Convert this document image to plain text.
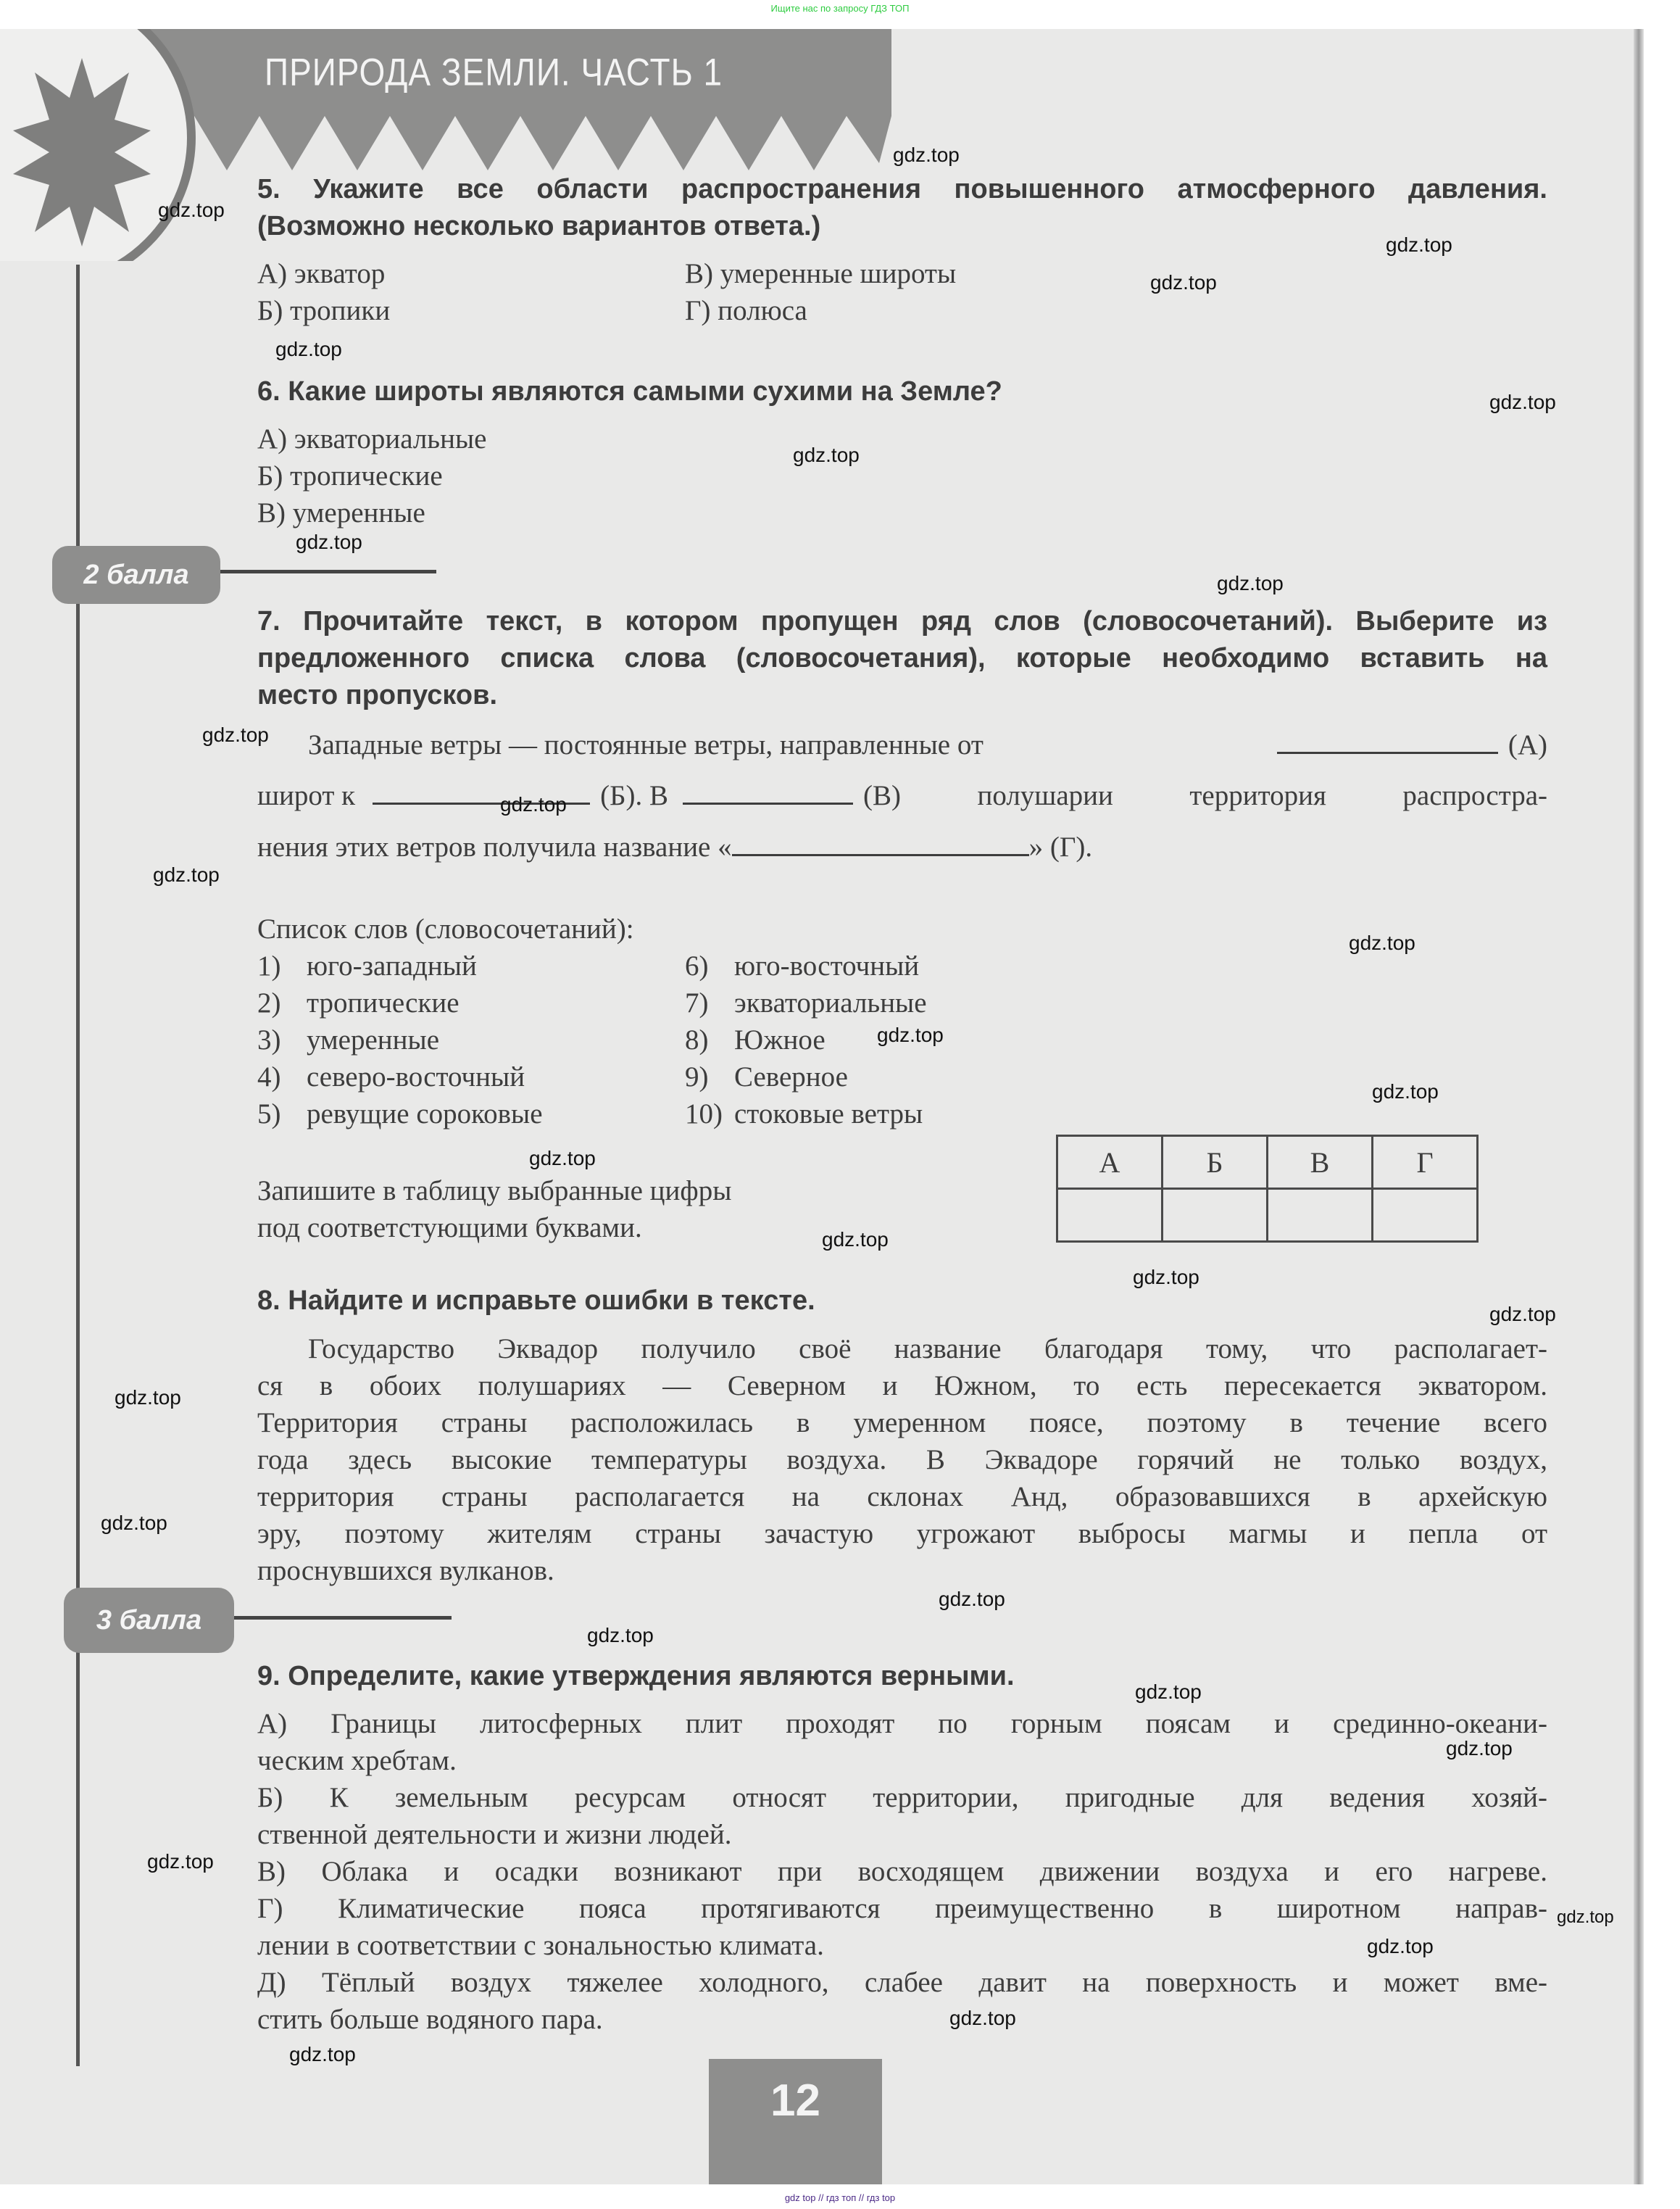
Ищите нас по запросу ГДЗ ТОП
ПРИРОДА ЗЕМЛИ. ЧАСТЬ 1
5. Укажите все области распространения повышенного атмосферного давления.
(Возможно несколько вариантов ответа.)
А) экватор
Б) тропики
В) умеренные широты
Г) полюса
6. Какие широты являются самыми сухими на Земле?
А) экваториальные
Б) тропические
В) умеренные
2 балла
7. Прочитайте текст, в котором пропущен ряд слов (словосочетаний). Выберите из
предложенного списка слова (словосочетания), которые необходимо вставить на
место пропусков.
Западные ветры — постоянные ветры, направленные от	(А)
широт к	(Б). В	(В) полушарии территория распростра-
нения этих ветров получила название «	» (Г).
Список слов (словосочетаний):
1) юго-западный
2) тропические
3) умеренные
4) северо-восточный
5) ревущие сороковые
6) юго-восточный
7) экваториальные
8) Южное
9) Северное
10) стоковые ветры
Запишите в таблицу выбранные цифры
под соответстующими буквами.
А	Б	В	Г

8. Найдите и исправьте ошибки в тексте.
Государство Эквадор получило своё название благодаря тому, что располагает-
ся в обоих полушариях — Северном и Южном, то есть пересекается экватором.
Территория страны расположилась в умеренном поясе, поэтому в течение всего
года здесь высокие температуры воздуха. В Эквадоре горячий не только воздух,
территория страны располагается на склонах Анд, образовавшихся в архейскую
эру, поэтому жителям страны зачастую угрожают выбросы магмы и пепла от
проснувшихся вулканов.
3 балла
9. Определите, какие утверждения являются верными.
А) Границы литосферных плит проходят по горным поясам и срединно-океани-
ческим хребтам.
Б) К земельным ресурсам относят территории, пригодные для ведения хозяй-
ственной деятельности и жизни людей.
В) Облака и осадки возникают при восходящем движении воздуха и его нагреве.
Г) Климатические пояса протягиваются преимущественно в широтном направ-
лении в соответствии с зональностью климата.
Д) Тёплый воздух тяжелее холодного, слабее давит на поверхность и может вме-
стить больше водяного пара.
12
gdz.top
gdz.top
gdz.top
gdz.top
gdz.top
gdz.top
gdz.top
gdz.top
gdz.top
gdz.top
gdz.top
gdz.top
gdz.top
gdz.top
gdz.top
gdz.top
gdz.top
gdz.top
gdz.top
gdz.top
gdz.top
gdz.top
gdz.top
gdz.top
gdz.top
gdz.top
gdz.top
gdz.top
gdz.top
gdz.top
gdz top // гдз топ // гдз top
